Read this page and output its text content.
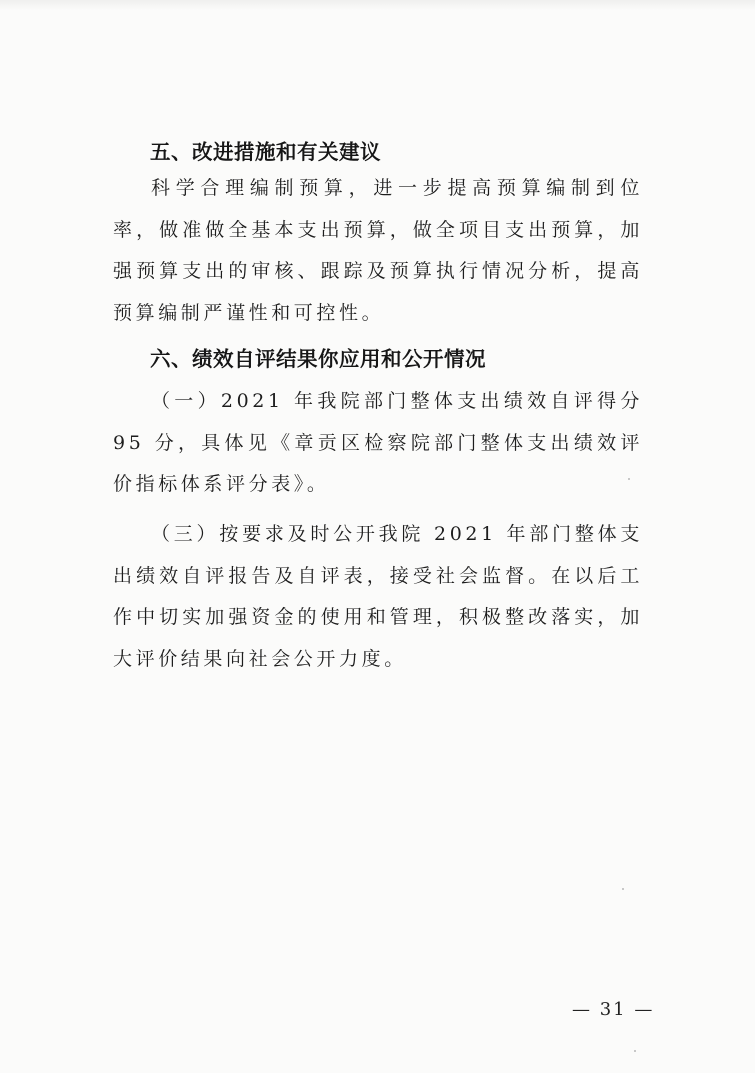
五、改进措施和有关建议

科学合理编制预算，进一步提高预算编制到位率，做准做全基本支出预算，做全项目支出预算，加强预算支出的审核、跟踪及预算执行情况分析，提高预算编制严谨性和可控性。

六、绩效自评结果你应用和公开情况

（一）2021 年我院部门整体支出绩效自评得分 95 分，具体见《章贡区检察院部门整体支出绩效评价指标体系评分表》。

（三）按要求及时公开我院 2021 年部门整体支出绩效自评报告及自评表，接受社会监督。在以后工作中切实加强资金的使用和管理，积极整改落实，加大评价结果向社会公开力度。

— 31 —
